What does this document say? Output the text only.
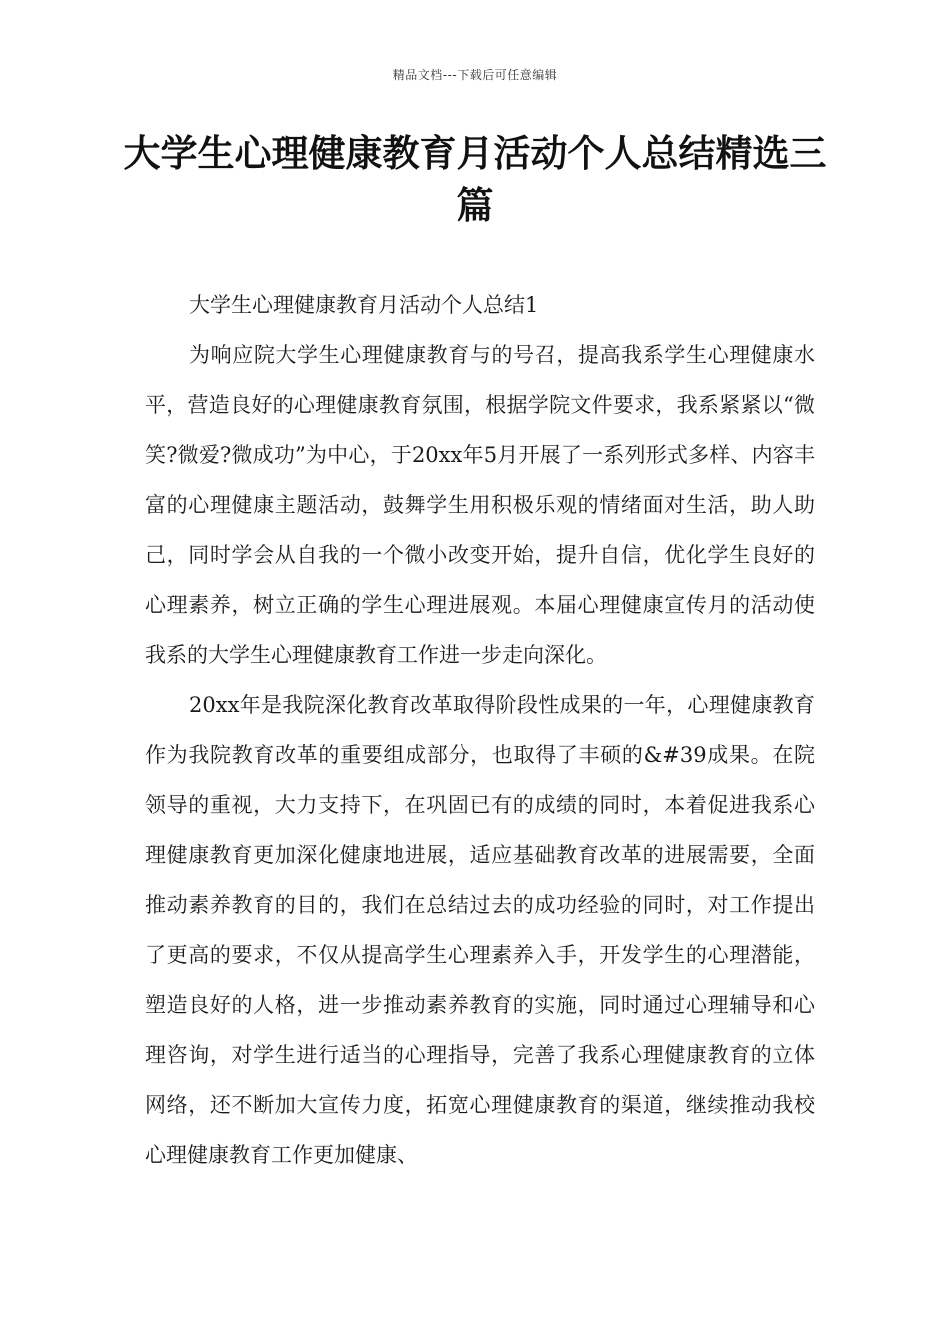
精品文档---下载后可任意编辑
大学生心理健康教育月活动个人总结精选三篇
大学生心理健康教育月活动个人总结1

为响应院大学生心理健康教育与的号召，提高我系学生心理健康水平，营造良好的心理健康教育氛围，根据学院文件要求，我系紧紧以“微笑?微爱?微成功”为中心，于20xx年5月开展了一系列形式多样、内容丰富的心理健康主题活动，鼓舞学生用积极乐观的情绪面对生活，助人助己，同时学会从自我的一个微小改变开始，提升自信，优化学生良好的心理素养，树立正确的学生心理进展观。本届心理健康宣传月的活动使我系的大学生心理健康教育工作进一步走向深化。

20xx年是我院深化教育改革取得阶段性成果的一年，心理健康教育作为我院教育改革的重要组成部分，也取得了丰硕的&#39成果。在院领导的重视，大力支持下，在巩固已有的成绩的同时，本着促进我系心理健康教育更加深化健康地进展，适应基础教育改革的进展需要，全面推动素养教育的目的，我们在总结过去的成功经验的同时，对工作提出了更高的要求，不仅从提高学生心理素养入手，开发学生的心理潜能，塑造良好的人格，进一步推动素养教育的实施，同时通过心理辅导和心理咨询，对学生进行适当的心理指导，完善了我系心理健康教育的立体网络，还不断加大宣传力度，拓宽心理健康教育的渠道，继续推动我校心理健康教育工作更加健康、
